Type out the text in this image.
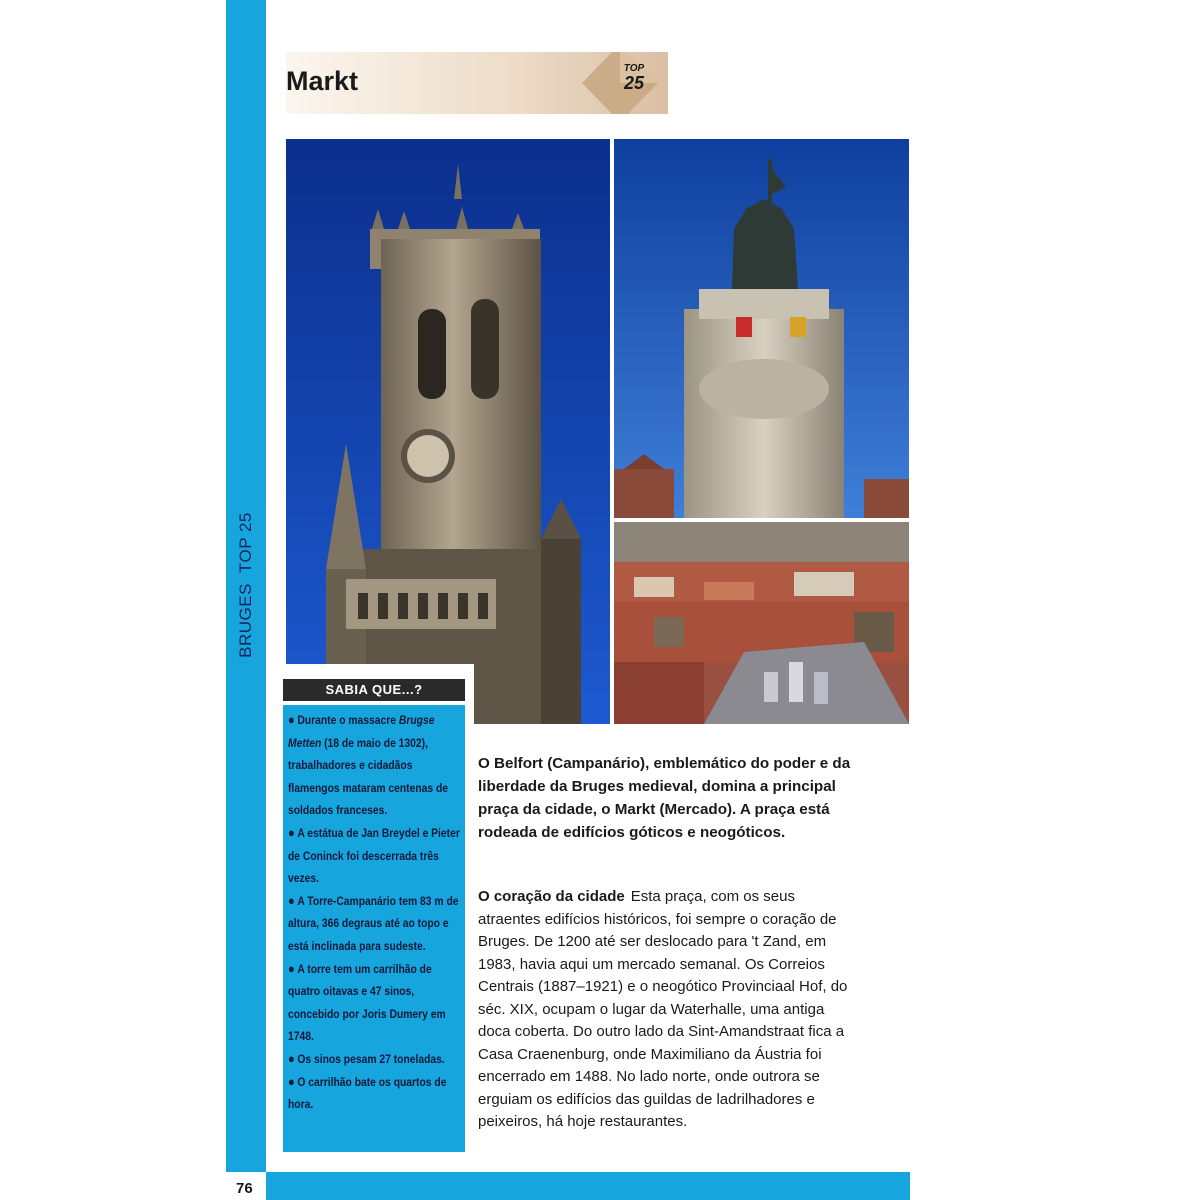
BRUGESTOP 25
76
Markt	TOP
25
SABIA QUE...?
● Durante o massacre Brugse Metten (18 de maio de 1302), trabalhadores e cidadãos flamengos mataram centenas de soldados franceses.
● A estátua de Jan Breydel e Pieter de Coninck foi descerrada três vezes.
● A Torre-Campanário tem 83 m de altura, 366 degraus até ao topo e está inclinada para sudeste.
● A torre tem um carrilhão de quatro oitavas e 47 sinos, concebido por Joris Dumery em 1748.
● Os sinos pesam 27 toneladas.
● O carrilhão bate os quartos de hora.
O Belfort (Campanário), emblemático do poder e da liberdade da Bruges medieval, domina a principal praça da cidade, o Markt (Mercado). A praça está rodeada de edifícios góticos e neogóticos.
O coração da cidade Esta praça, com os seus atraentes edifícios históricos, foi sempre o coração de Bruges. De 1200 até ser deslocado para 't Zand, em 1983, havia aqui um mercado semanal. Os Correios Centrais (1887–1921) e o neogótico Provinciaal Hof, do séc. XIX, ocupam o lugar da Waterhalle, uma antiga doca coberta. Do outro lado da Sint-Amandstraat fica a Casa Craenenburg, onde Maximiliano da Áustria foi encerrado em 1488. No lado norte, onde outrora se erguiam os edifícios das guildas de ladrilhadores e peixeiros, há hoje restaurantes.
